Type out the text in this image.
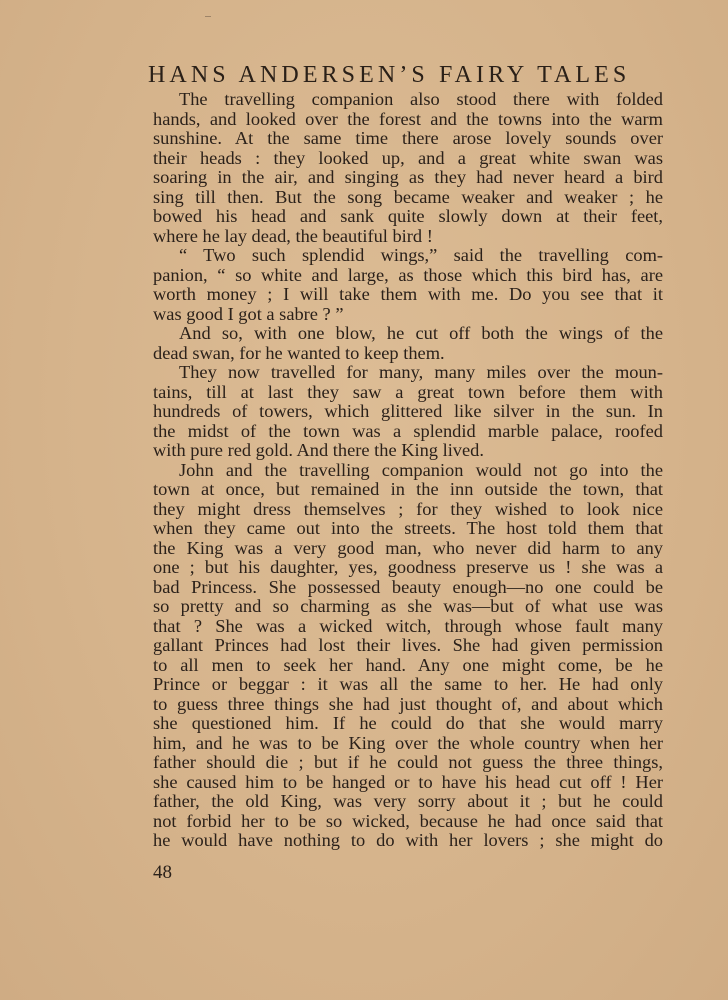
HANS ANDERSEN’S FAIRY TALES
The travelling companion also stood there with folded
hands, and looked over the forest and the towns into the warm
sunshine. At the same time there arose lovely sounds over
their heads : they looked up, and a great white swan was
soaring in the air, and singing as they had never heard a bird
sing till then. But the song became weaker and weaker ; he
bowed his head and sank quite slowly down at their feet,
where he lay dead, the beautiful bird !
“ Two such splendid wings,” said the travelling com-
panion, “ so white and large, as those which this bird has, are
worth money ; I will take them with me. Do you see that it
was good I got a sabre ? ”
And so, with one blow, he cut off both the wings of the
dead swan, for he wanted to keep them.
They now travelled for many, many miles over the moun-
tains, till at last they saw a great town before them with
hundreds of towers, which glittered like silver in the sun. In
the midst of the town was a splendid marble palace, roofed
with pure red gold. And there the King lived.
John and the travelling companion would not go into the
town at once, but remained in the inn outside the town, that
they might dress themselves ; for they wished to look nice
when they came out into the streets. The host told them that
the King was a very good man, who never did harm to any
one ; but his daughter, yes, goodness preserve us ! she was a
bad Princess. She possessed beauty enough—no one could be
so pretty and so charming as she was—but of what use was
that ? She was a wicked witch, through whose fault many
gallant Princes had lost their lives. She had given permission
to all men to seek her hand. Any one might come, be he
Prince or beggar : it was all the same to her. He had only
to guess three things she had just thought of, and about which
she questioned him. If he could do that she would marry
him, and he was to be King over the whole country when her
father should die ; but if he could not guess the three things,
she caused him to be hanged or to have his head cut off ! Her
father, the old King, was very sorry about it ; but he could
not forbid her to be so wicked, because he had once said that
he would have nothing to do with her lovers ; she might do
48
